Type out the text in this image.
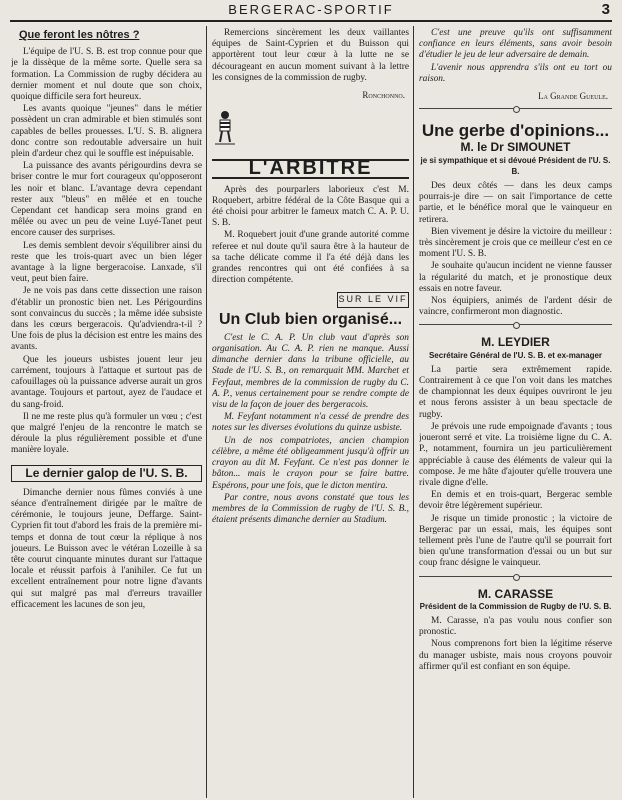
BERGERAC-SPORTIF	3
Que feront les nôtres ?

L'équipe de l'U. S. B. est trop connue pour que je la dissèque de la même sorte. Quelle sera sa formation. La Commission de rugby décidera au dernier moment et nul doute que son choix, quoique difficile sera fort heureux.

Les avants quoique "jeunes" dans le métier possèdent un cran admirable et bien stimulés sont capables de belles prouesses. L'U. S. B. alignera donc contre son redoutable adversaire un huit plein d'ardeur chez qui le souffle est inépuisable.

La puissance des avants périgourdins devra se briser contre le mur fort courageux qu'opposeront les noir et blanc. L'avantage devra cependant rester aux "bleus" en mêlée et en touche Cependant cet handicap sera moins grand en mêlée ou avec un peu de veine Luyé-Tanet peut encore causer des surprises.

Les demis semblent devoir s'équilibrer ainsi du reste que les trois-quart avec un bien léger avantage à la ligne bergeracoise. Lanxade, s'il veut, peut bien faire.

Je ne vois pas dans cette dissection une raison d'établir un pronostic bien net. Les Périgourdins sont convaincus du succès ; la même idée subsiste dans les cœurs bergeracois. Qu'adviendra-t-il ? Une fois de plus la décision est entre les mains des avants.

Que les joueurs usbistes jouent leur jeu carrément, toujours à l'attaque et surtout pas de cafouillages où la puissance adverse aurait un gros avantage. Toujours et partout, ayez de l'audace et du sang-froid.

Il ne me reste plus qu'à formuler un vœu ; c'est que malgré l'enjeu de la rencontre le match se déroule la plus régulièrement possible et d'une manière loyale.

Le dernier galop de l'U. S. B.

Dimanche dernier nous fûmes conviés à une séance d'entraînement dirigée par le maître de cérémonie, le toujours jeune, Deffarge. Saint-Cyprien fit tout d'abord les frais de la première mi-temps et donna de tout cœur la réplique à nos joueurs. Le Buisson avec le vétéran Lozeille à sa tête courut cinquante minutes durant sur l'attaque locale et réussit parfois à l'anihiler. Ce fut un excellent entraînement pour notre ligne d'avants qui sut malgré pas mal d'erreurs travailler efficacement les lacunes de son jeu,

Remercions sincèrement les deux vaillantes équipes de Saint-Cyprien et du Buisson qui apportèrent tout leur cœur à la lutte ne se décourageant en aucun moment suivant à la lettre les consignes de la commission de rugby.

Ronchonno.
L'ARBITRE

Après des pourparlers laborieux c'est M. Roquebert, arbitre fédéral de la Côte Basque qui a été choisi pour arbitrer le fameux match C. A. P. U. S. B.

M. Roquebert jouit d'une grande autorité comme referee et nul doute qu'il saura être à la hauteur de sa tache délicate comme il l'a été déjà dans les grandes rencontres qui ont été confiées à sa direction compétente.

SUR LE VIF
Un Club bien organisé...

C'est le C. A. P. Un club vaut d'après son organisation. Au C. A. P. rien ne manque. Aussi dimanche dernier dans la tribune officielle, au Stade de l'U. S. B., on remarquait MM. Marchet et Feyfaut, membres de la commission de rugby du C. A. P., venus certainement pour se rendre compte de visu de la façon de jouer des bergeracois.

M. Feyfant notamment n'a cessé de prendre des notes sur les diverses évolutions du quinze usbiste.

Un de nos compatriotes, ancien champion célèbre, a même été obligeamment jusqu'à offrir un crayon au dit M. Feyfant. Ce n'est pas donner le bâton... mais le crayon pour se faire battre. Espérons, pour une fois, que le dicton mentira.

Par contre, nous avons constaté que tous les membres de la Commission de rugby de l'U. S. B., étaient présents dimanche dernier au Stadium.

C'est une preuve qu'ils ont suffisamment confiance en leurs éléments, sans avoir besoin d'étudier le jeu de leur adversaire de demain.

L'avenir nous apprendra s'ils ont eu tort ou raison.

La Grande Gueule.
Une gerbe d'opinions...
M. le Dr SIMOUNET
je si sympathique et si dévoué Président de l'U. S. B.

Des deux côtés — dans les deux camps pourrais-je dire — on sait l'importance de cette partie, et le bénéfice moral que le vainqueur en retirera.

Bien vivement je désire la victoire du meilleur : très sincèrement je crois que ce meilleur c'est en ce moment l'U. S. B.

Je souhaite qu'aucun incident ne vienne fausser la régularité du match, et je pronostique deux essais en notre faveur.

Nos équipiers, animés de l'ardent désir de vaincre, confirmeront mon diagnostic.

M. LEYDIER
Secrétaire Général de l'U. S. B. et ex-manager

La partie sera extrêmement rapide. Contrairement à ce que l'on voit dans les matches de championnat les deux équipes ouvriront le jeu et nous ferons assister à un beau spectacle de rugby.

Je prévois une rude empoignade d'avants ; tous joueront serré et vite. La troisième ligne du C. A. P., notamment, fournira un jeu particulièrement appréciable à cause des éléments de valeur qui la compose. Je me hâte d'ajouter qu'elle trouvera une rivale digne d'elle.

En demis et en trois-quart, Bergerac semble devoir être légèrement supérieur.

Je risque un timide pronostic ; la victoire de Bergerac par un essai, mais, les équipes sont tellement près l'une de l'autre qu'il se pourrait fort bien qu'une transformation d'essai ou un but sur coup franc désigne le vainqueur.

M. CARASSE
Président de la Commission de Rugby de l'U. S. B.

M. Carasse, n'a pas voulu nous confier son pronostic.

Nous comprenons fort bien la légitime réserve du manager usbiste, mais nous croyons pouvoir affirmer qu'il est confiant en son équipe.
